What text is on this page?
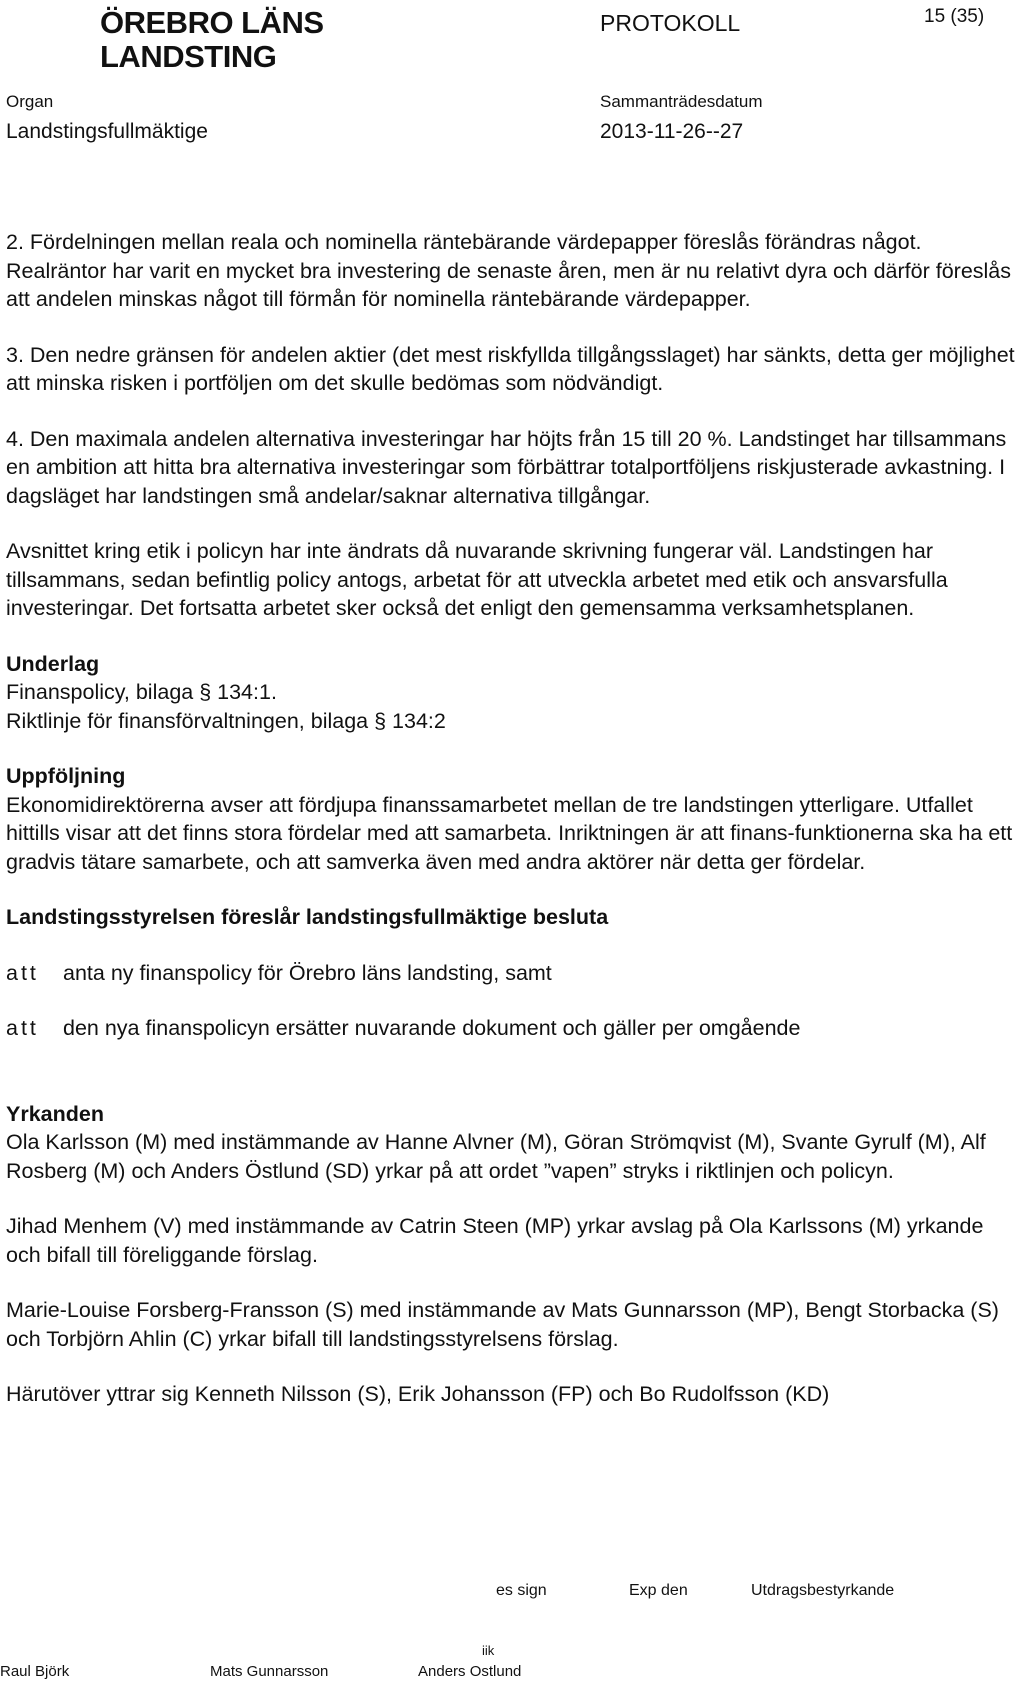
ÖREBRO LÄNS
LANDSTING
PROTOKOLL	15 (35)
Organ
Landstingsfullmäktige
Sammanträdesdatum
2013-11-26--27

2. Fördelningen mellan reala och nominella räntebärande värdepapper föreslås förändras något. Realräntor har varit en mycket bra investering de senaste åren, men är nu relativt dyra och därför föreslås att andelen minskas något till förmån för nominella räntebärande värdepapper.

3. Den nedre gränsen för andelen aktier (det mest riskfyllda tillgångsslaget) har sänkts, detta ger möjlighet att minska risken i portföljen om det skulle bedömas som nödvändigt.

4. Den maximala andelen alternativa investeringar har höjts från 15 till 20 %. Landstinget har tillsammans en ambition att hitta bra alternativa investeringar som förbättrar totalportföljens riskjusterade avkastning. I dagsläget har landstingen små andelar/saknar alternativa tillgångar.

Avsnittet kring etik i policyn har inte ändrats då nuvarande skrivning fungerar väl. Landstingen har tillsammans, sedan befintlig policy antogs, arbetat för att utveckla arbetet med etik och ansvarsfulla investeringar. Det fortsatta arbetet sker också det enligt den gemensamma verksamhetsplanen.

Underlag

Finanspolicy, bilaga § 134:1.

Riktlinje för finansförvaltningen, bilaga § 134:2

Uppföljning

Ekonomidirektörerna avser att fördjupa finanssamarbetet mellan de tre landstingen ytterligare. Utfallet hittills visar att det finns stora fördelar med att samarbeta. Inriktningen är att finans-funktionerna ska ha ett gradvis tätare samarbete, och att samverka även med andra aktörer när detta ger fördelar.

Landstingsstyrelsen föreslår landstingsfullmäktige besluta

att	anta ny finanspolicy för Örebro läns landsting, samt
att	den nya finanspolicyn ersätter nuvarande dokument och gäller per omgående

Yrkanden

Ola Karlsson (M) med instämmande av Hanne Alvner (M), Göran Strömqvist (M), Svante Gyrulf (M), Alf Rosberg (M) och Anders Östlund (SD) yrkar på att ordet ”vapen” stryks i riktlinjen och policyn.

Jihad Menhem (V) med instämmande av Catrin Steen (MP) yrkar avslag på Ola Karlssons (M) yrkande och bifall till föreliggande förslag.

Marie-Louise Forsberg-Fransson (S) med instämmande av Mats Gunnarsson (MP), Bengt Storbacka (S) och Torbjörn Ahlin (C) yrkar bifall till landstingsstyrelsens förslag.

Härutöver yttrar sig Kenneth Nilsson (S), Erik Johansson (FP) och Bo Rudolfsson (KD)

es sign	Exp den	Utdragsbestyrkande
iik
Raul Björk	Mats Gunnarsson	Anders Ostlund
